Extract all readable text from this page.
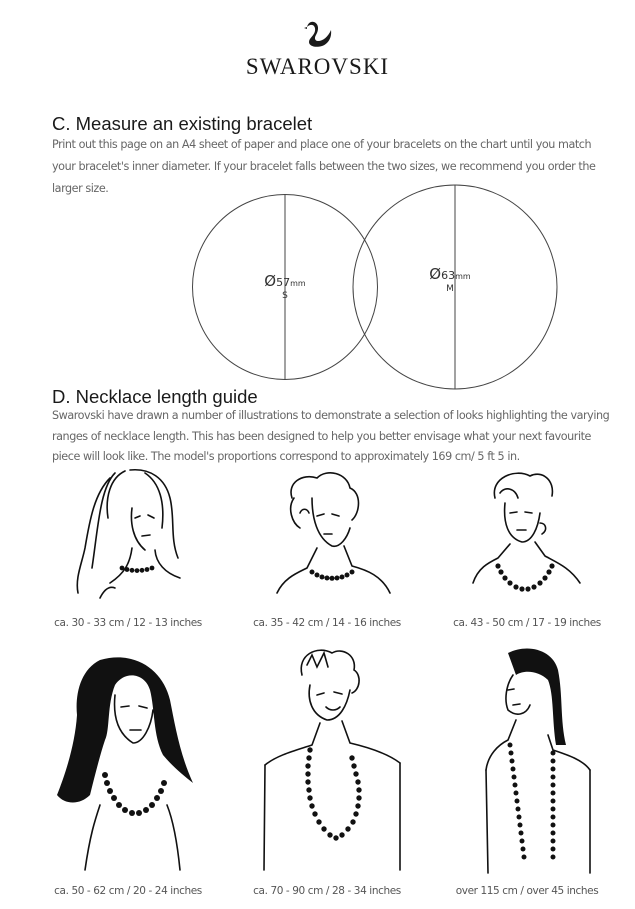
SWAROVSKI
C. Measure an existing bracelet

Print out this page on an A4 sheet of paper and place one of your bracelets on the chart until you match your bracelet's inner diameter. If your bracelet falls between the two sizes, we recommend you order the larger size.

Ø57mm
S
Ø63mm
M
D. Necklace length guide

Swarovski have drawn a number of illustrations to demonstrate a selection of looks highlighting the varying ranges of necklace length. This has been designed to help you better envisage what your next favourite piece will look like. The model's proportions correspond to approximately 169 cm/ 5 ft 5 in.

ca. 30 - 33 cm / 12 - 13 inches	ca. 35 - 42 cm / 14 - 16 inches	ca. 43 - 50 cm / 17 - 19 inches
ca. 50 - 62 cm / 20 - 24 inches	ca. 70 - 90 cm / 28 - 34 inches	over 115 cm / over 45 inches
